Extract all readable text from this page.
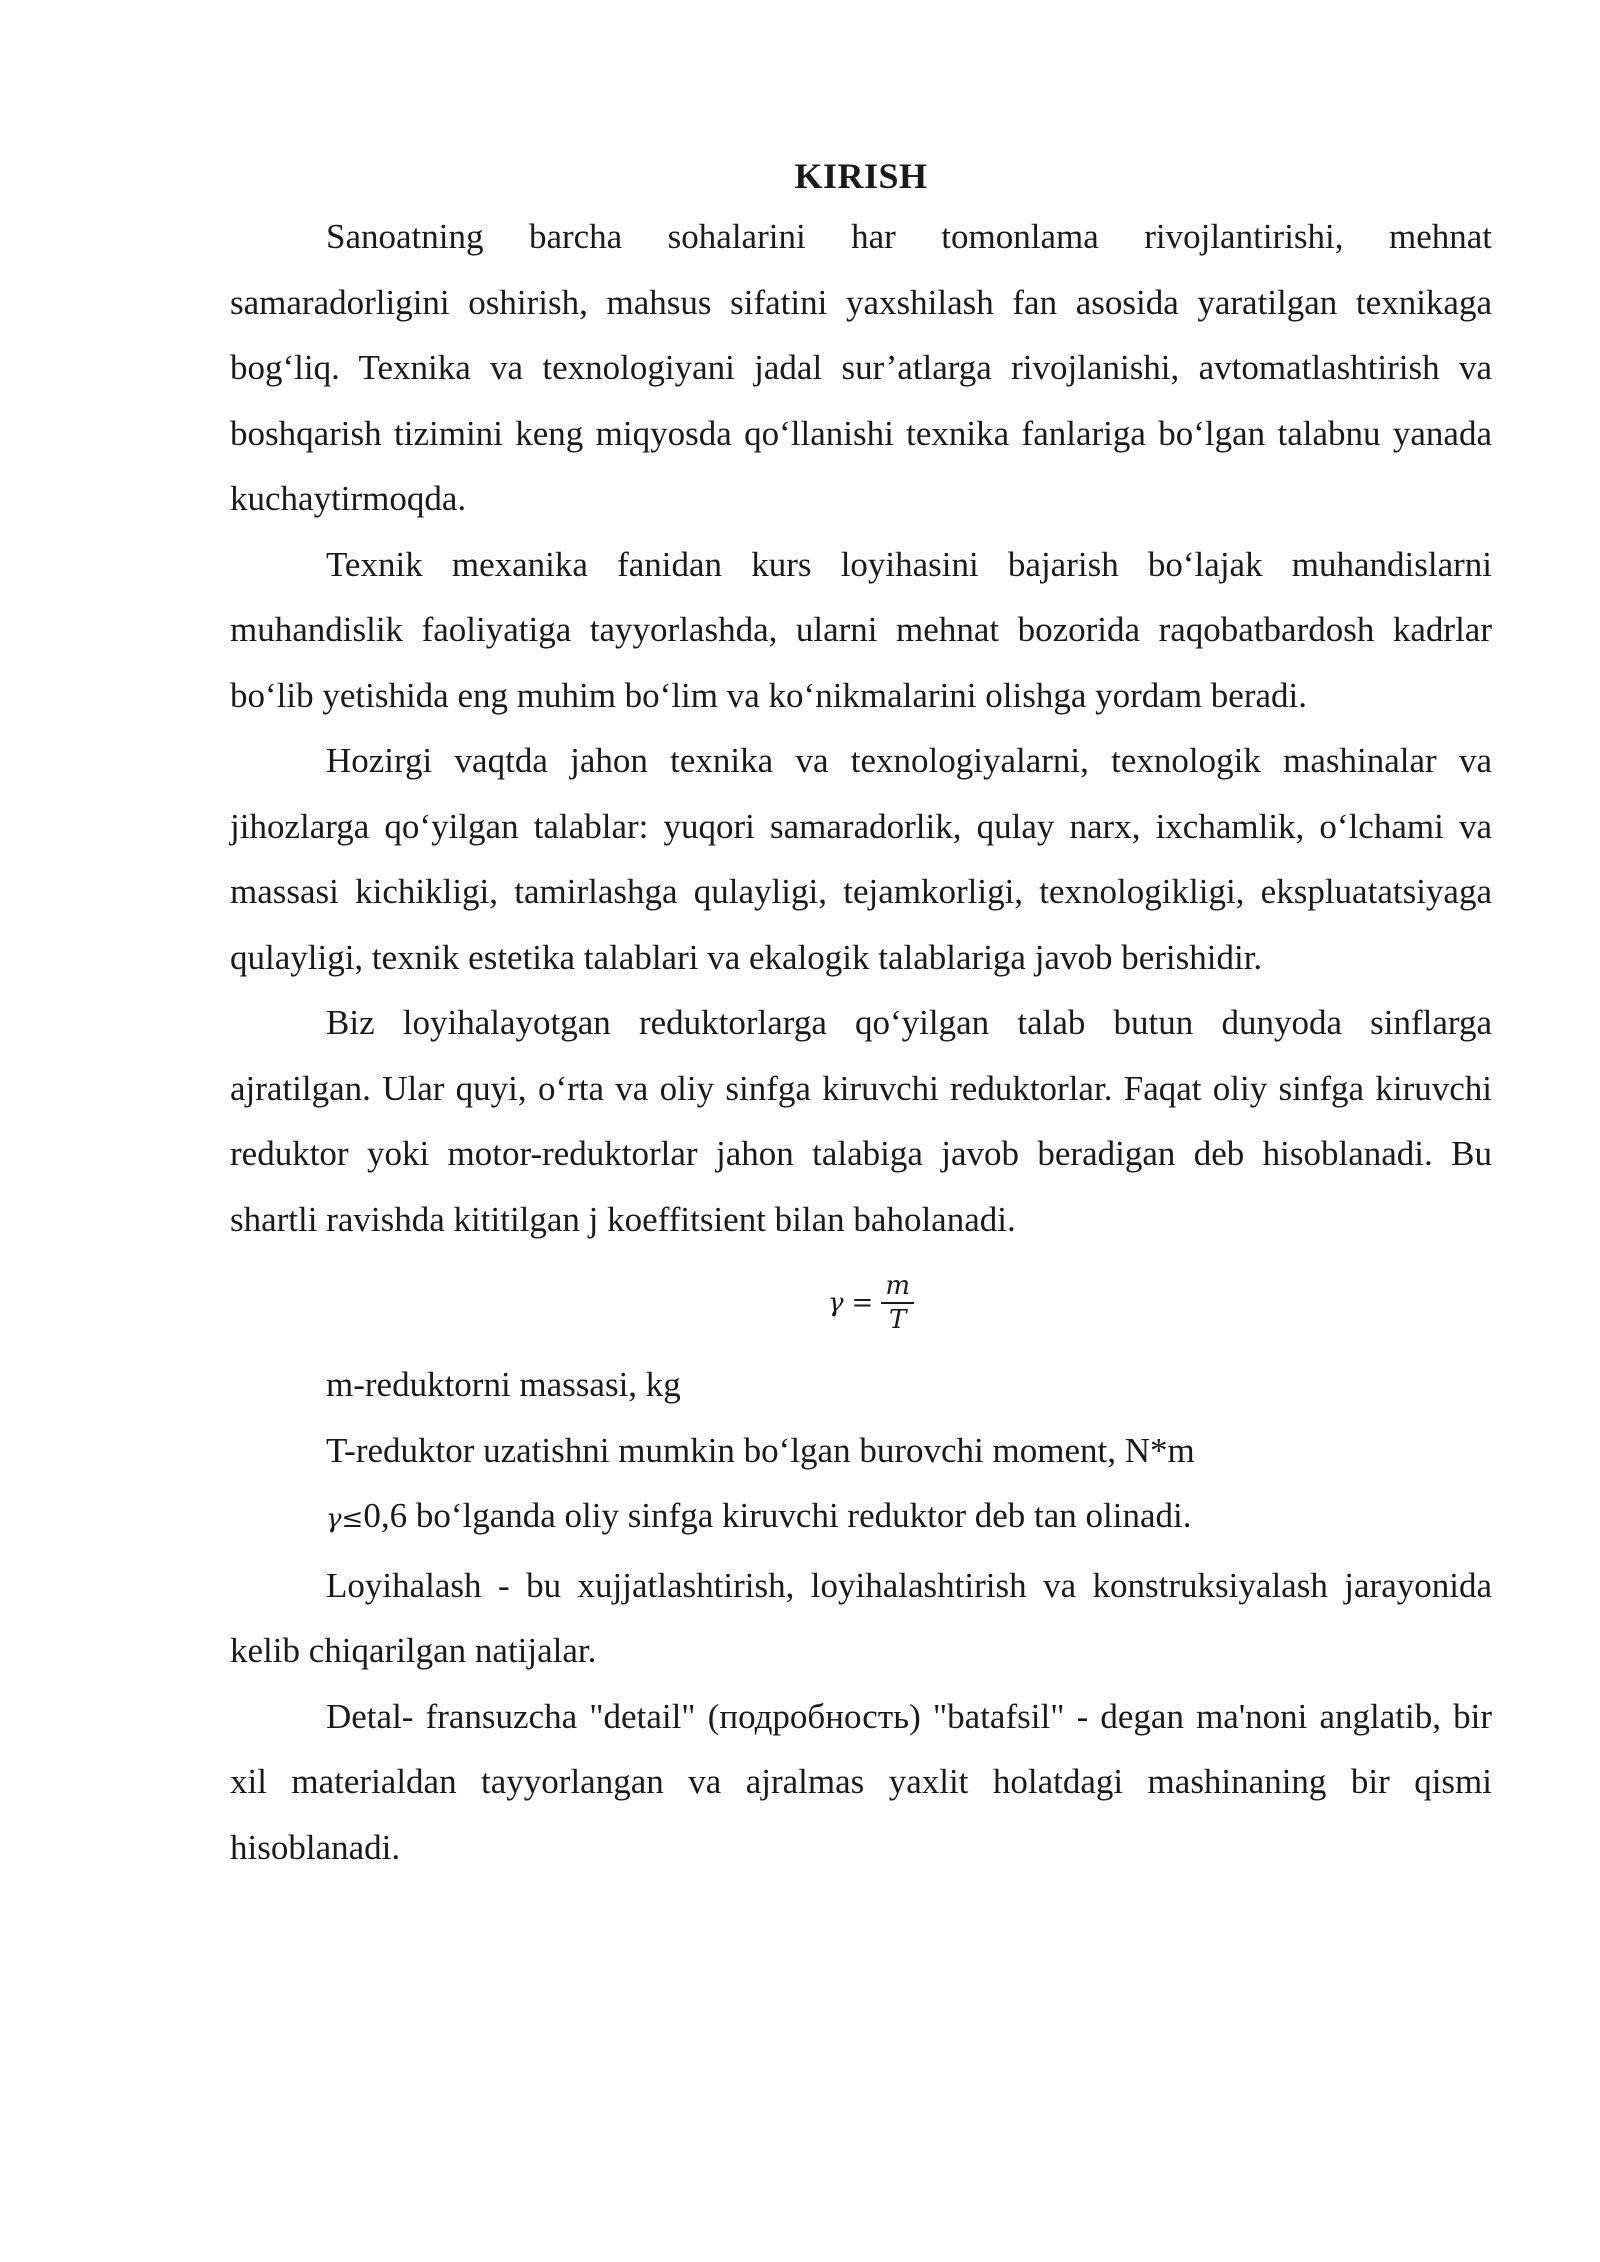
KIRISH

Sanoatning barcha sohalarini har tomonlama rivojlantirishi, mehnat samaradorligini oshirish, mahsus sifatini yaxshilash fan asosida yaratilgan texnikaga bog‘liq. Texnika va texnologiyani jadal sur’atlarga rivojlanishi, avtomatlashtirish va boshqarish tizimini keng miqyosda qo‘llanishi texnika fanlariga bo‘lgan talabnu yanada kuchaytirmoqda.

Texnik mexanika fanidan kurs loyihasini bajarish bo‘lajak muhandislarni muhandislik faoliyatiga tayyorlashda, ularni mehnat bozorida raqobatbardosh kadrlar bo‘lib yetishida eng muhim bo‘lim va ko‘nikmalarini olishga yordam beradi.

Hozirgi vaqtda jahon texnika va texnologiyalarni, texnologik mashinalar va jihozlarga qo‘yilgan talablar: yuqori samaradorlik, qulay narx, ixchamlik, o‘lchami va massasi kichikligi, tamirlashga qulayligi, tejamkorligi, texnologikligi, ekspluatatsiyaga qulayligi, texnik estetika talablari va ekalogik talablariga javob berishidir.

Biz loyihalayotgan reduktorlarga qo‘yilgan talab butun dunyoda sinflarga ajratilgan. Ular quyi, o‘rta va oliy sinfga kiruvchi reduktorlar. Faqat oliy sinfga kiruvchi reduktor yoki motor-reduktorlar jahon talabiga javob beradigan deb hisoblanadi. Bu shartli ravishda kititilgan j koeffitsient bilan baholanadi.

$\gamma = \frac{m}{T}$

m-reduktorni massasi, kg

T-reduktor uzatishni mumkin bo‘lgan burovchi moment, N*m

γ≤0,6 bo‘lganda oliy sinfga kiruvchi reduktor deb tan olinadi.

Loyihalash - bu xujjatlashtirish, loyihalashtirish va konstruksiyalash jarayonida kelib chiqarilgan natijalar.

Detal- fransuzcha "detail" (подробность) "batafsil" - degan ma'noni anglatib, bir xil materialdan tayyorlangan va ajralmas yaxlit holatdagi mashinaning bir qismi hisoblanadi.
